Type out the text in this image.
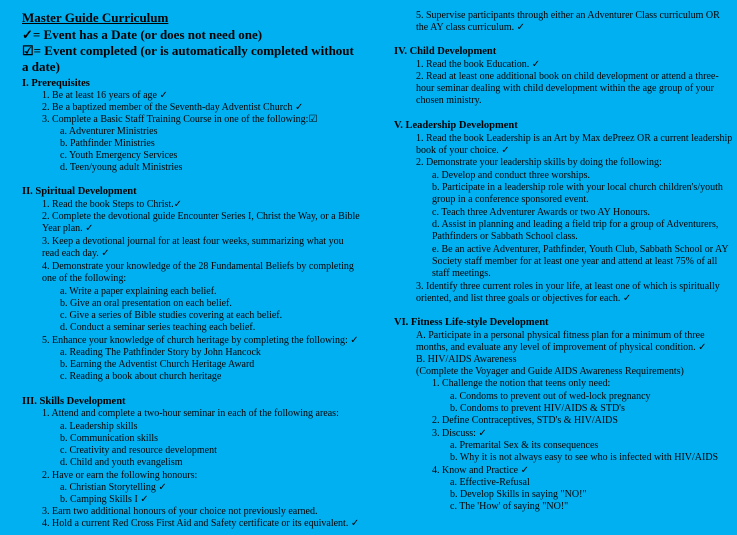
Master Guide Curriculum
✓= Event has a Date (or does not need one)
☑= Event completed (or is automatically completed without
a date)
I. Prerequisites
1. Be at least 16 years of age ✓
2. Be a baptized member of the Seventh-day Adventist Church ✓
3. Complete a Basic Staff Training Course in one of the following:☑
a. Adventurer Ministries
b. Pathfinder Ministries
c. Youth Emergency Services
d. Teen/young adult Ministries
II. Spiritual Development
1. Read the book Steps to Christ.✓
2. Complete the devotional guide Encounter Series I, Christ the Way, or a Bible
Year plan. ✓
3. Keep a devotional journal for at least four weeks, summarizing what you
read each day. ✓
4. Demonstrate your knowledge of the 28 Fundamental Beliefs by completing
one of the following:
a. Write a paper explaining each belief.
b. Give an oral presentation on each belief.
c. Give a series of Bible studies covering at each belief.
d. Conduct a seminar series teaching each belief.
5. Enhance your knowledge of church heritage by completing the following: ✓
a. Reading The Pathfinder Story by John Hancock
b. Earning the Adventist Church Heritage Award
c. Reading a book about church heritage
III. Skills Development
1. Attend and complete a two-hour seminar in each of the following areas:
a. Leadership skills
b. Communication skills
c. Creativity and resource development
d. Child and youth evangelism
2. Have or earn the following honours:
a. Christian Storytelling ✓
b. Camping Skills I ✓
3. Earn two additional honours of your choice not previously earned.
4. Hold a current Red Cross First Aid and Safety certificate or its equivalent. ✓
5. Supervise participants through either an Adventurer Class curriculum OR
the AY class curriculum. ✓
IV. Child Development
1. Read the book Education. ✓
2. Read at least one additional book on child development or attend a three-
hour seminar dealing with child development within the age group of your
chosen ministry.
V. Leadership Development
1. Read the book Leadership is an Art by Max dePreez OR a current leadership
book of your choice. ✓
2. Demonstrate your leadership skills by doing the following:
a. Develop and conduct three worships.
b. Participate in a leadership role with your local church children's/youth
group in a conference sponsored event.
c. Teach three Adventurer Awards or two AY Honours.
d. Assist in planning and leading a field trip for a group of Adventurers,
Pathfinders or Sabbath School class.
e. Be an active Adventurer, Pathfinder, Youth Club, Sabbath School or AY
Society staff member for at least one year and attend at least 75% of all
staff meetings.
3. Identify three current roles in your life, at least one of which is spiritually
oriented, and list three goals or objectives for each. ✓
VI. Fitness Life-style Development
A. Participate in a personal physical fitness plan for a minimum of three
months, and evaluate any level of improvement of physical condition. ✓
B. HIV/AIDS Awareness
(Complete the Voyager and Guide AIDS Awareness Requirements)
1. Challenge the notion that teens only need:
a. Condoms to prevent out of wed-lock pregnancy
b. Condoms to prevent HIV/AIDS & STD's
2. Define Contraceptives, STD's & HIV/AIDS
3. Discuss: ✓
a. Premarital Sex & its consequences
b. Why it is not always easy to see who is infected with HIV/AIDS
4. Know and Practice ✓
a. Effective-Refusal
b. Develop Skills in saying "NO!"
c. The 'How' of saying "NO!"
